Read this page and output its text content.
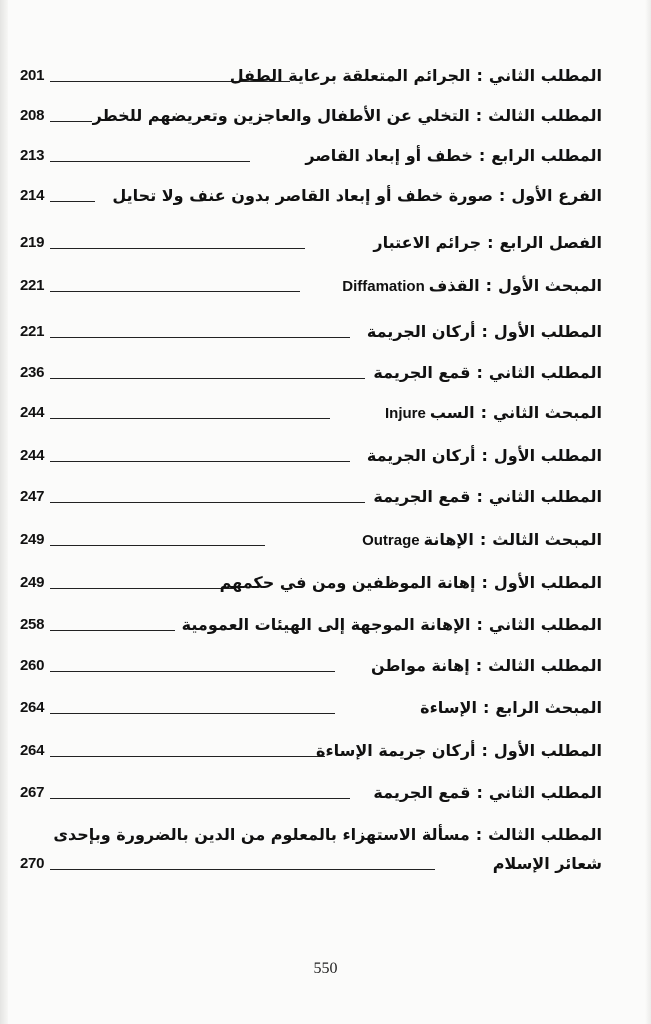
201	المطلب الثاني:الجرائم المتعلقة برعاية الطفل
208	المطلب الثالث:التخلي عن الأطفال والعاجزين وتعريضهم للخطر
213	المطلب الرابع:خطف أو إبعاد القاصر
214	الفرع الأول:صورة خطف أو إبعاد القاصر بدون عنف ولا تحايل
219	الفصل الرابع:جرائم الاعتبار
221	المبحث الأول:القذفDiffamation
221	المطلب الأول:أركان الجريمة
236	المطلب الثاني:قمع الجريمة
244	المبحث الثاني:السبInjure
244	المطلب الأول:أركان الجريمة
247	المطلب الثاني:قمع الجريمة
249	المبحث الثالث:الإهانةOutrage
249	المطلب الأول:إهانة الموظفين ومن في حكمهم
258	المطلب الثاني:الإهانة الموجهة إلى الهيئات العمومية
260	المطلب الثالث:إهانة مواطن
264	المبحث الرابع:الإساءة
264	المطلب الأول:أركان جريمة الإساءة
267	المطلب الثاني:قمع الجريمة
المطلب الثالث:مسألة الاستهزاء بالمعلوم من الدين بالضرورة وبإحدى
270	شعائر الإسلام
550
